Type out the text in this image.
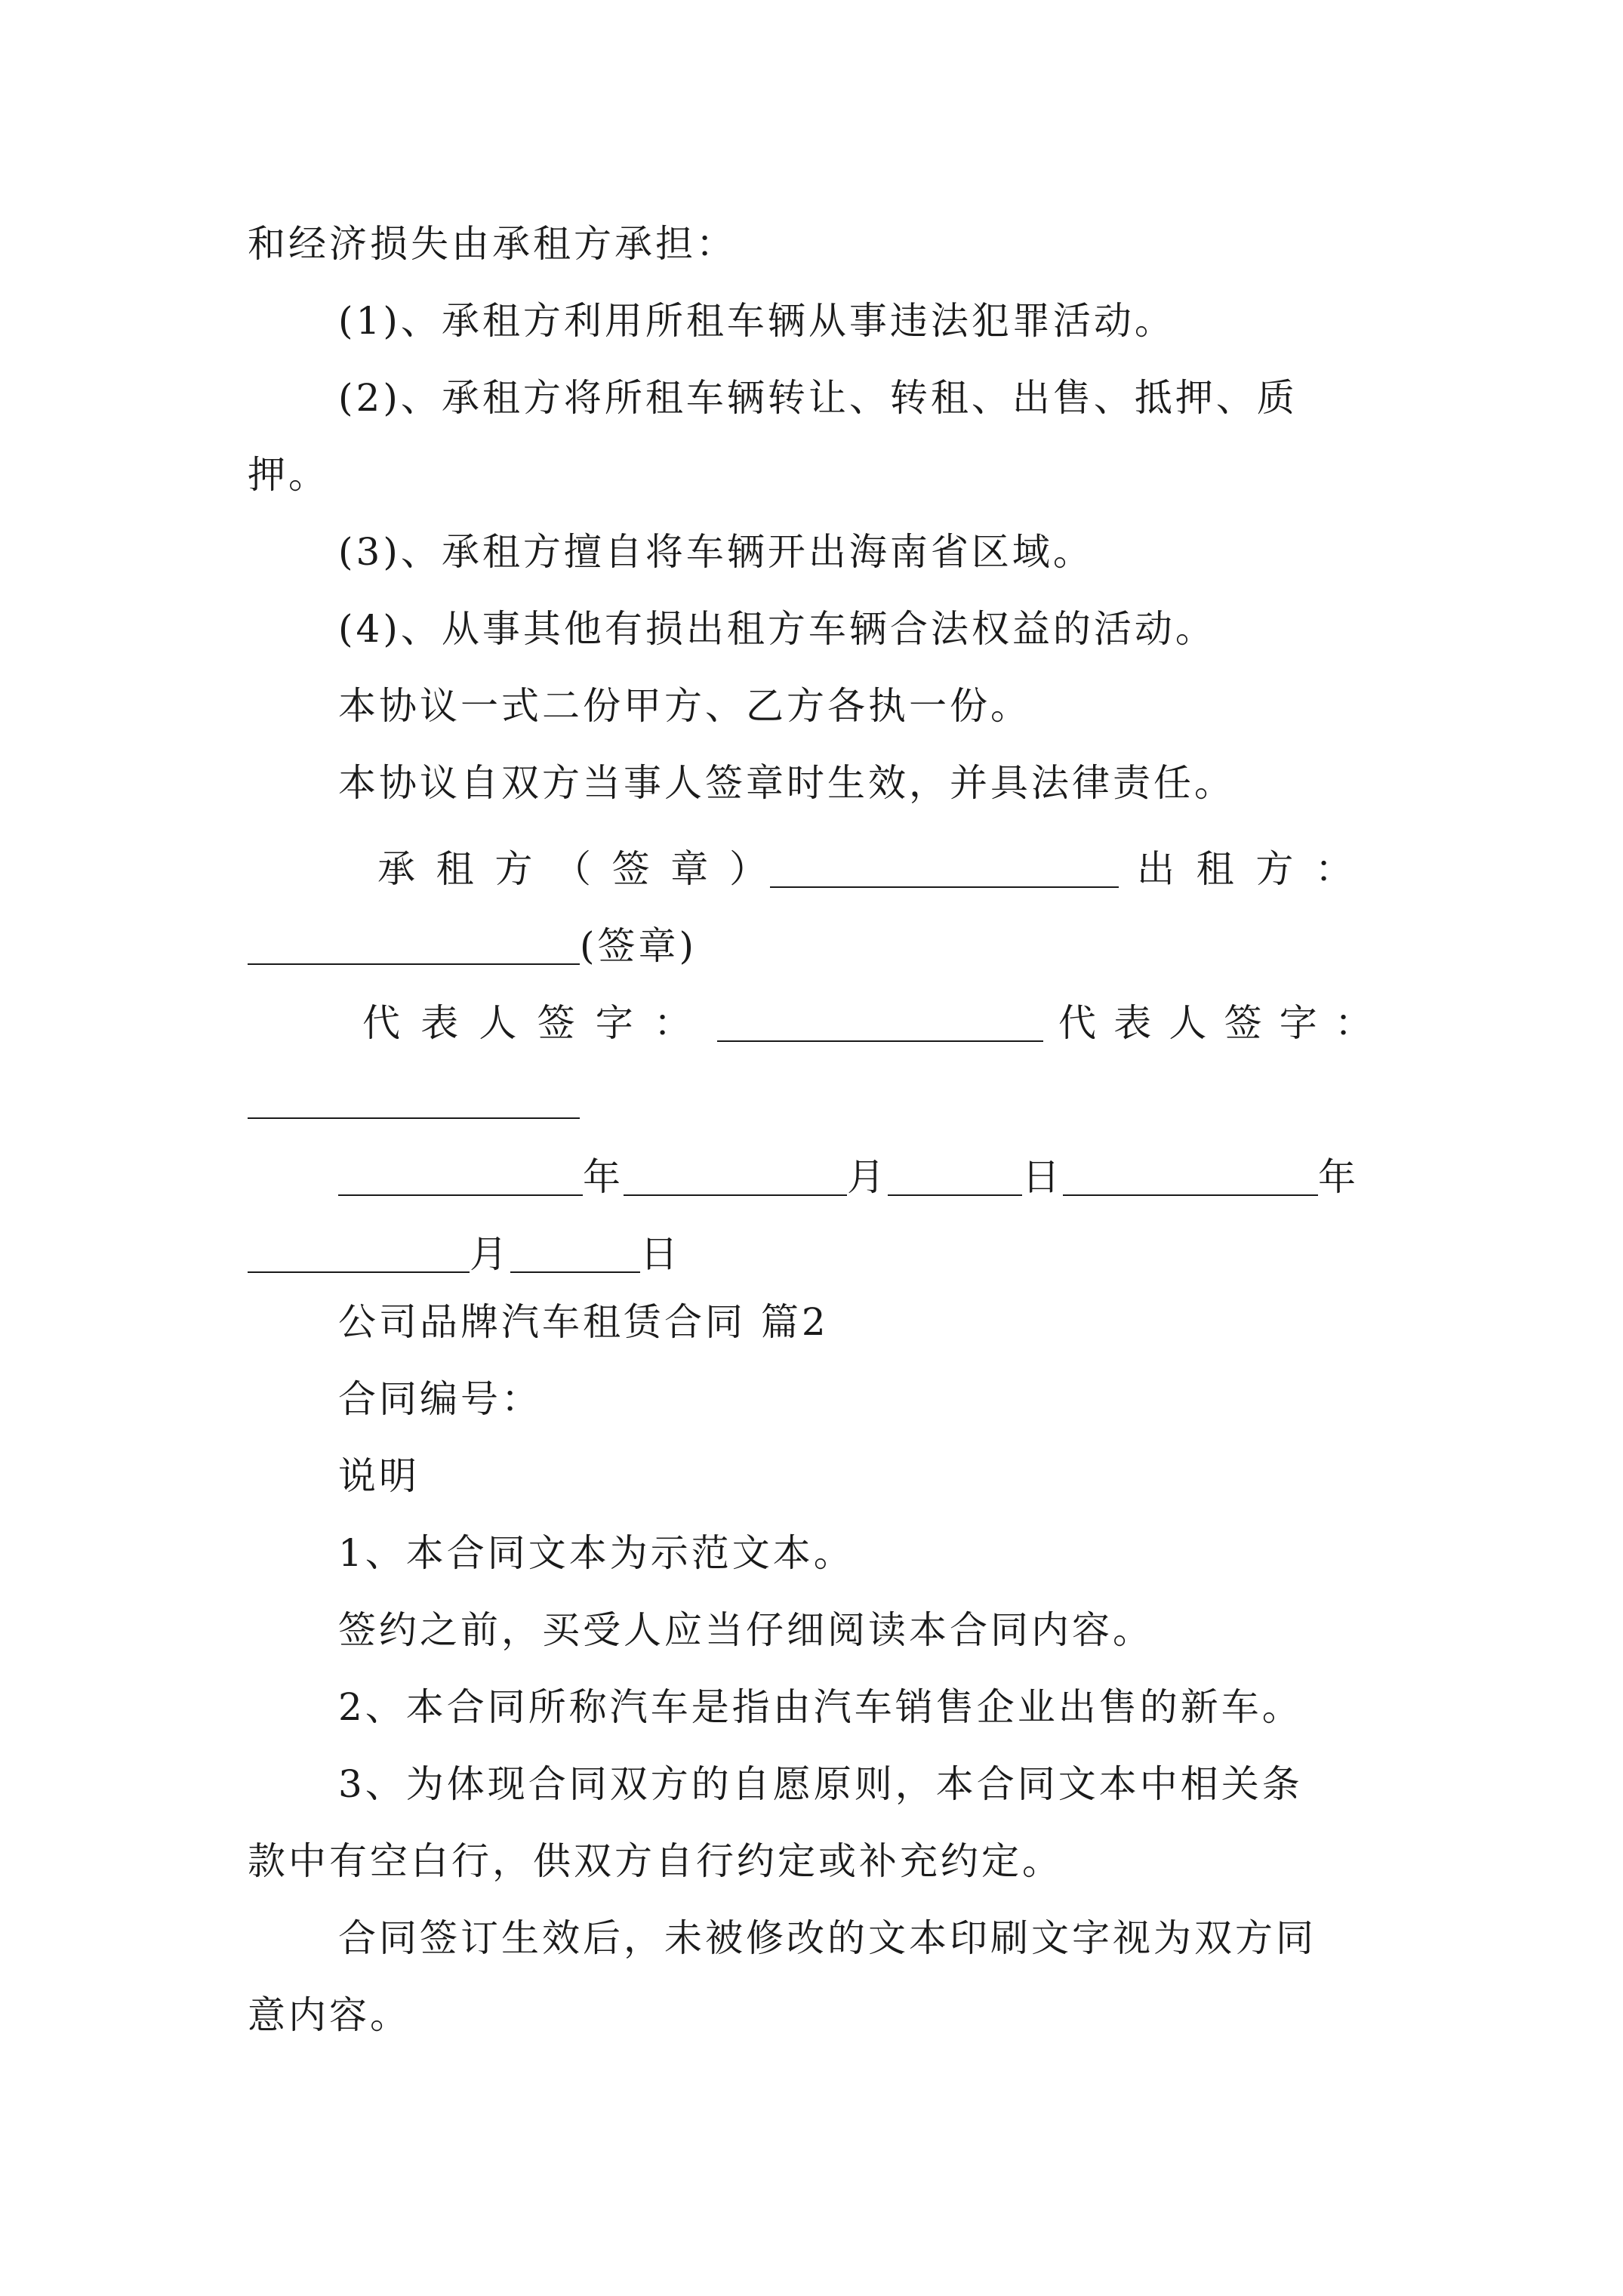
和经济损失由承租方承担：
(1)、承租方利用所租车辆从事违法犯罪活动。
(2)、承租方将所租车辆转让、转租、出售、抵押、质
押。
(3)、承租方擅自将车辆开出海南省区域。
(4)、从事其他有损出租方车辆合法权益的活动。
本协议一式二份甲方、乙方各执一份。
本协议自双方当事人签章时生效，并具法律责任。
承 租 方 （ 签 章 ）	出 租 方 ：
(签章)
代 表 人 签 字 ：	代 表 人 签 字 ：
年	月	日	年
月	日
公司品牌汽车租赁合同 篇2
合同编号：
说明
1、本合同文本为示范文本。
签约之前，买受人应当仔细阅读本合同内容。
2、本合同所称汽车是指由汽车销售企业出售的新车。
3、为体现合同双方的自愿原则，本合同文本中相关条
款中有空白行，供双方自行约定或补充约定。
合同签订生效后，未被修改的文本印刷文字视为双方同
意内容。
